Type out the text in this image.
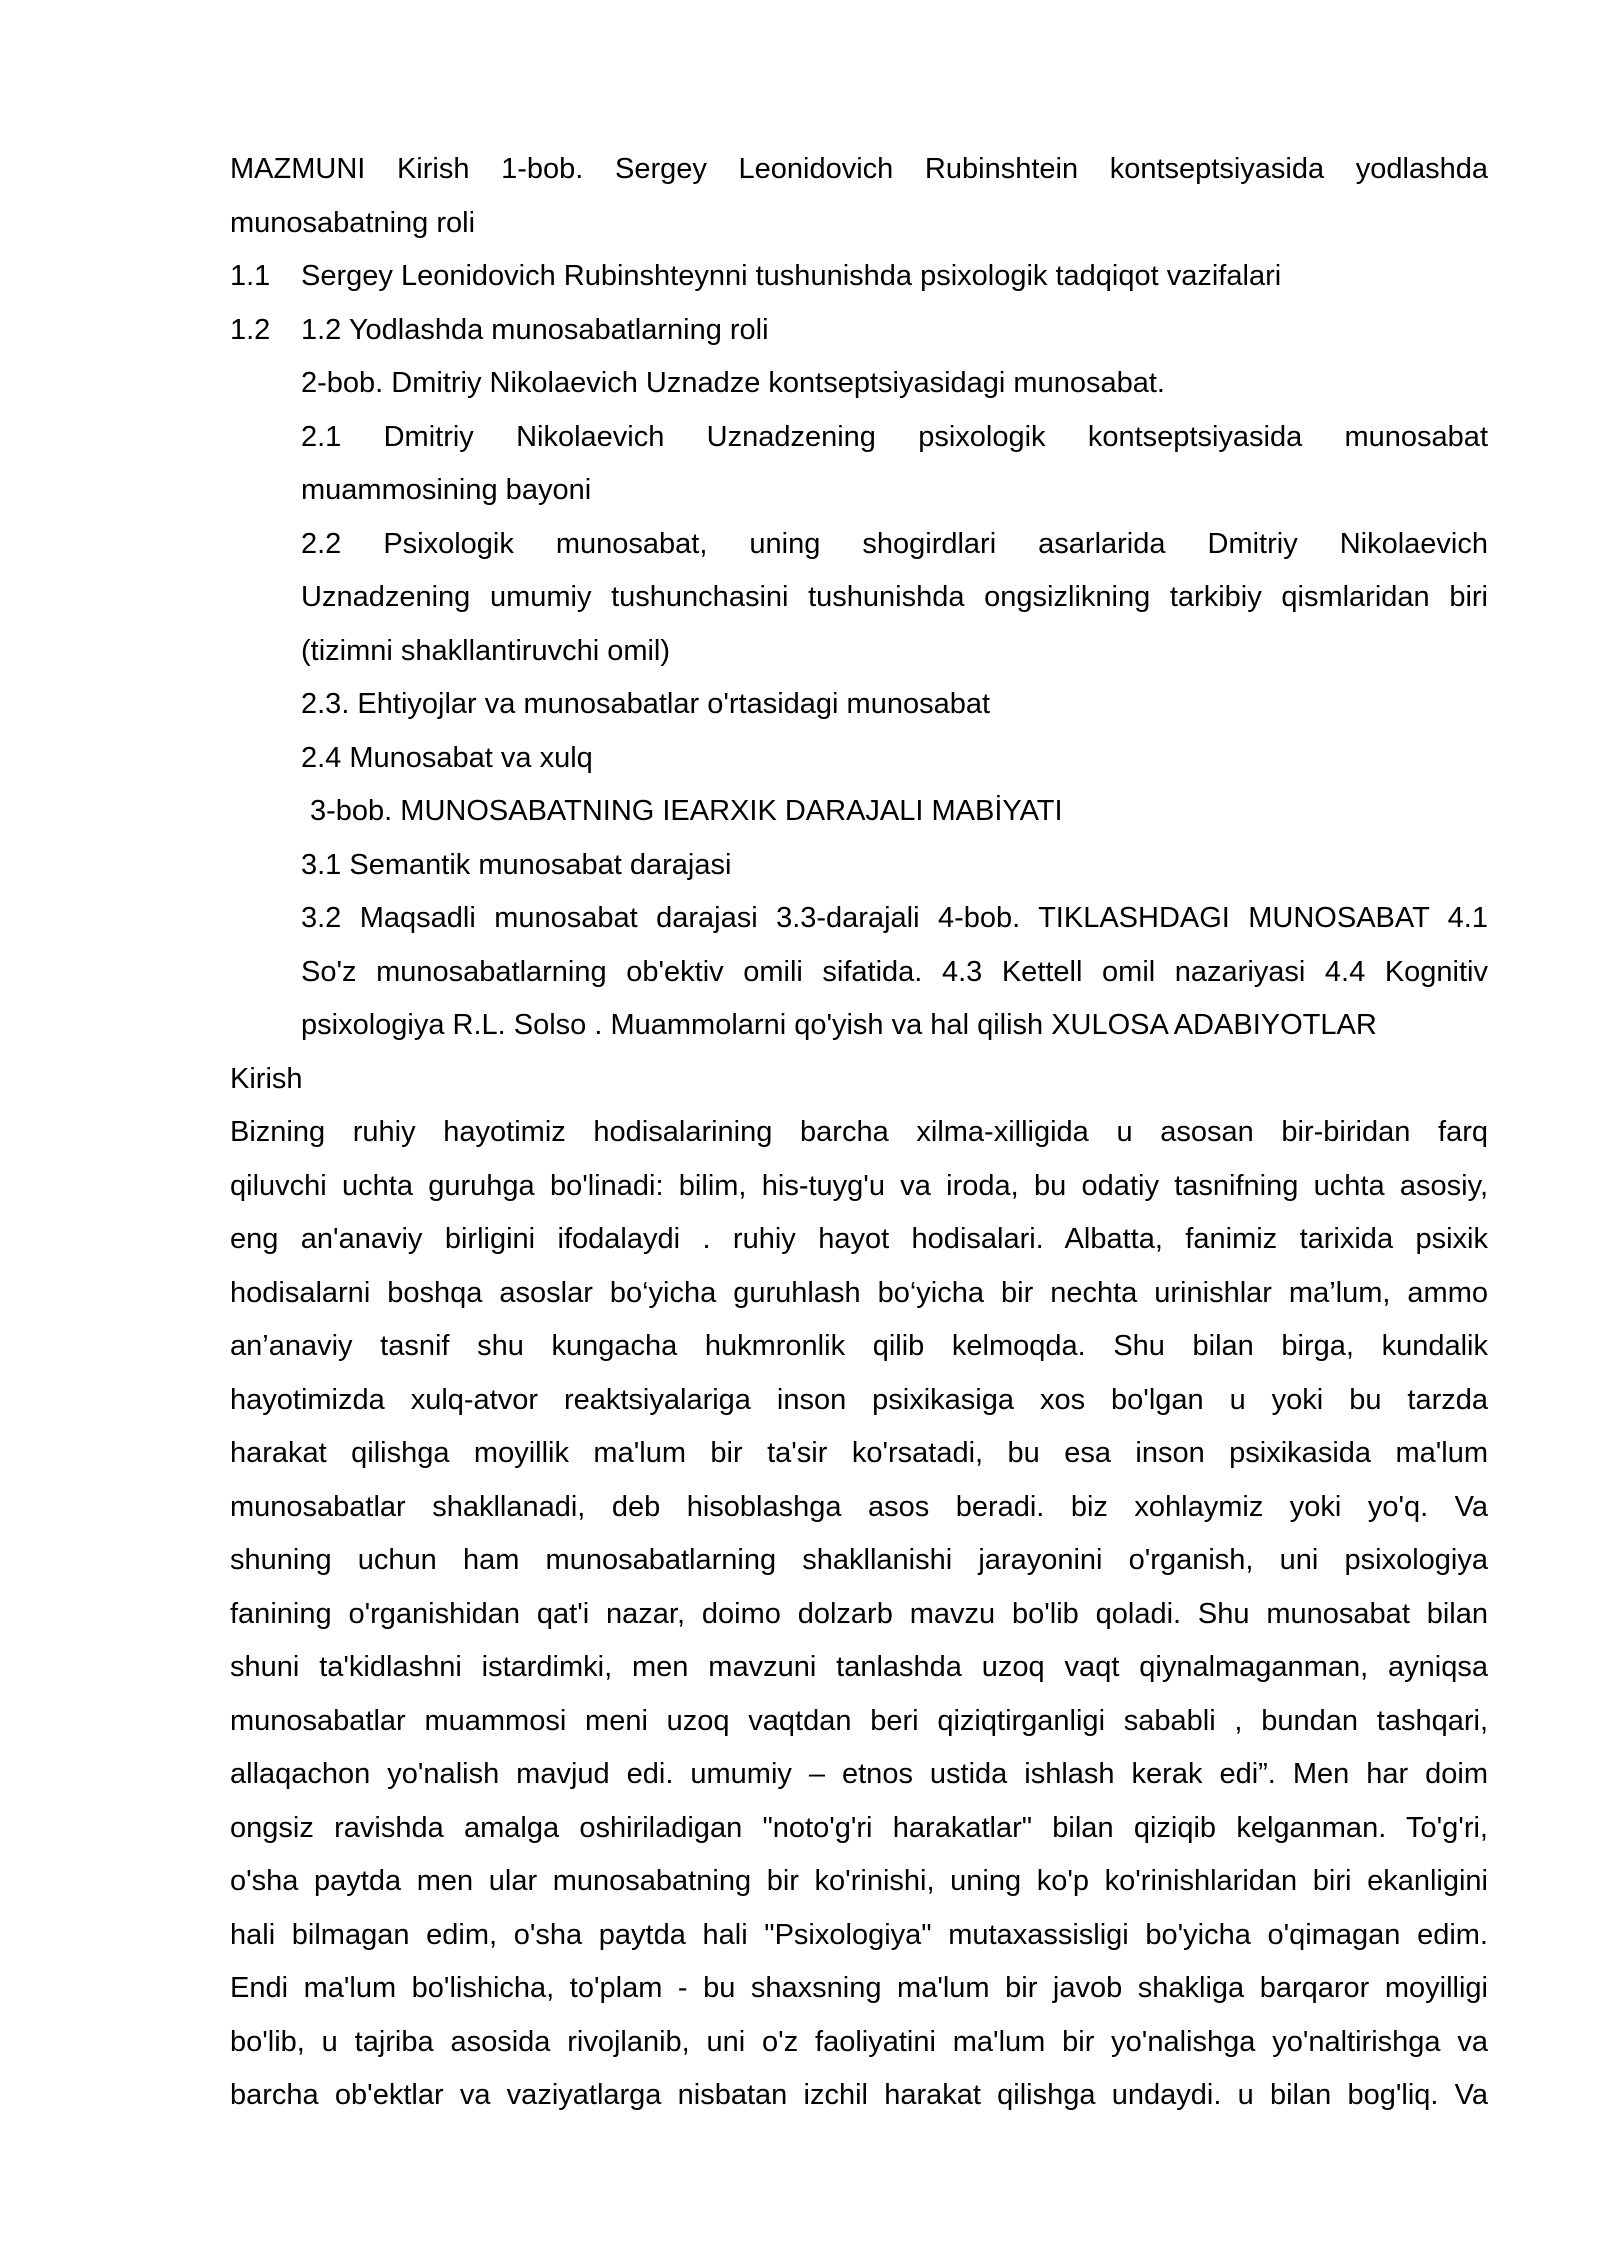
MAZMUNI Kirish 1-bob. Sergey Leonidovich Rubinshtein kontseptsiyasida yodlashda
munosabatning roli
1.1 Sergey Leonidovich Rubinshteynni tushunishda psixologik tadqiqot vazifalari
1.2 1.2 Yodlashda munosabatlarning roli
2-bob. Dmitriy Nikolaevich Uznadze kontseptsiyasidagi munosabat.
2.1 Dmitriy Nikolaevich Uznadzening psixologik kontseptsiyasida munosabat
muammosining bayoni
2.2 Psixologik munosabat, uning shogirdlari asarlarida Dmitriy Nikolaevich
Uznadzening umumiy tushunchasini tushunishda ongsizlikning tarkibiy qismlaridan biri
(tizimni shakllantiruvchi omil)
2.3. Ehtiyojlar va munosabatlar o'rtasidagi munosabat
2.4 Munosabat va xulq
3-bob. MUNOSABATNING IEARXIK DARAJALI MABİYATI
3.1 Semantik munosabat darajasi
3.2 Maqsadli munosabat darajasi 3.3-darajali 4-bob. TIKLASHDAGI MUNOSABAT 4.1
So'z munosabatlarning ob'ektiv omili sifatida. 4.3 Kettell omil nazariyasi 4.4 Kognitiv
psixologiya R.L. Solso . Muammolarni qo'yish va hal qilish XULOSA ADABIYOTLAR
Kirish
Bizning ruhiy hayotimiz hodisalarining barcha xilma-xilligida u asosan bir-biridan farq
qiluvchi uchta guruhga bo'linadi: bilim, his-tuyg'u va iroda, bu odatiy tasnifning uchta asosiy,
eng an'anaviy birligini ifodalaydi . ruhiy hayot hodisalari. Albatta, fanimiz tarixida psixik
hodisalarni boshqa asoslar bo‘yicha guruhlash bo‘yicha bir nechta urinishlar ma’lum, ammo
an’anaviy tasnif shu kungacha hukmronlik qilib kelmoqda. Shu bilan birga, kundalik
hayotimizda xulq-atvor reaktsiyalariga inson psixikasiga xos bo'lgan u yoki bu tarzda
harakat qilishga moyillik ma'lum bir ta'sir ko'rsatadi, bu esa inson psixikasida ma'lum
munosabatlar shakllanadi, deb hisoblashga asos beradi. biz xohlaymiz yoki yo'q. Va
shuning uchun ham munosabatlarning shakllanishi jarayonini o'rganish, uni psixologiya
fanining o'rganishidan qat'i nazar, doimo dolzarb mavzu bo'lib qoladi. Shu munosabat bilan
shuni ta'kidlashni istardimki, men mavzuni tanlashda uzoq vaqt qiynalmaganman, ayniqsa
munosabatlar muammosi meni uzoq vaqtdan beri qiziqtirganligi sababli , bundan tashqari,
allaqachon yo'nalish mavjud edi. umumiy – etnos ustida ishlash kerak edi”. Men har doim
ongsiz ravishda amalga oshiriladigan "noto'g'ri harakatlar" bilan qiziqib kelganman. To'g'ri,
o'sha paytda men ular munosabatning bir ko'rinishi, uning ko'p ko'rinishlaridan biri ekanligini
hali bilmagan edim, o'sha paytda hali "Psixologiya" mutaxassisligi bo'yicha o'qimagan edim.
Endi ma'lum bo'lishicha, to'plam - bu shaxsning ma'lum bir javob shakliga barqaror moyilligi
bo'lib, u tajriba asosida rivojlanib, uni o'z faoliyatini ma'lum bir yo'nalishga yo'naltirishga va
barcha ob'ektlar va vaziyatlarga nisbatan izchil harakat qilishga undaydi. u bilan bog'liq. Va
